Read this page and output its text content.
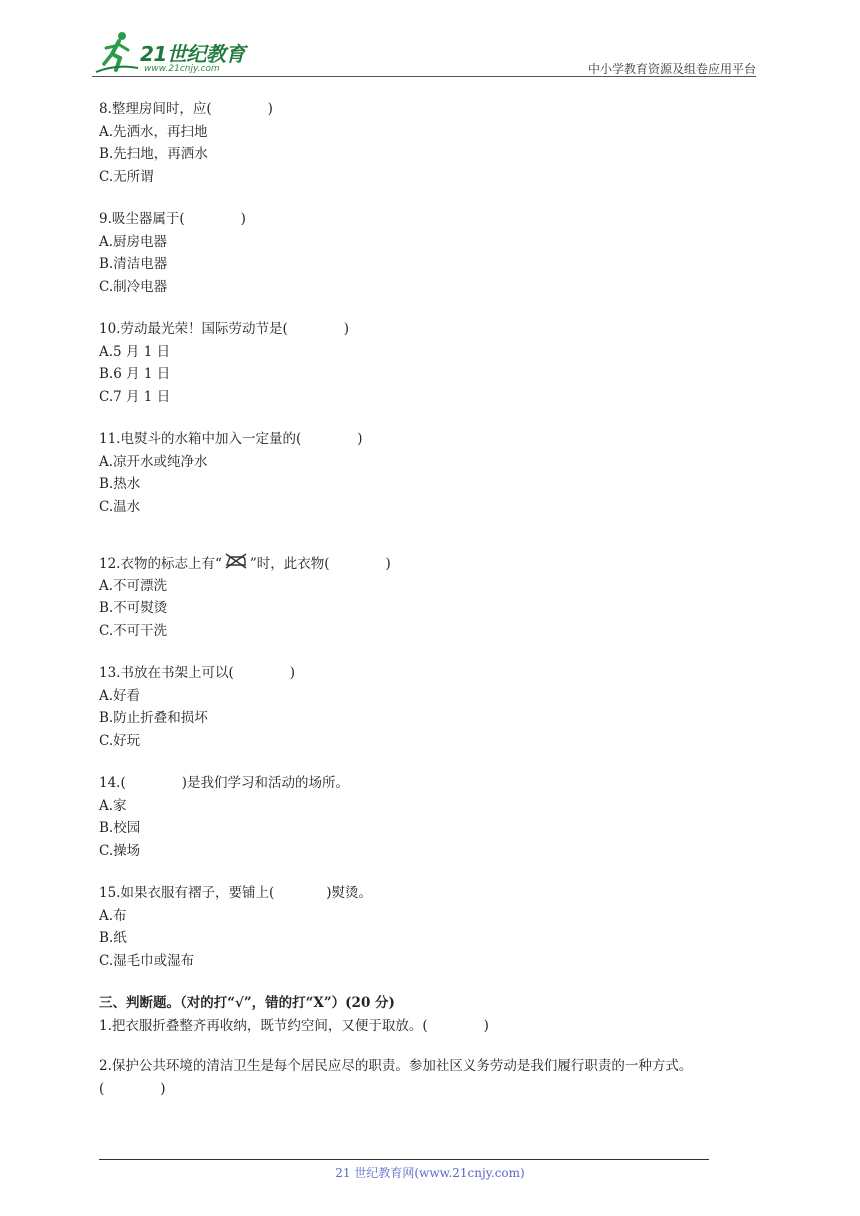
21世纪教育
www.21cnjy.com	中小学教育资源及组卷应用平台
8.整理房间时，应(	)
A.先洒水，再扫地
B.先扫地，再洒水
C.无所谓
9.吸尘器属于(	)
A.厨房电器
B.清洁电器
C.制冷电器
10.劳动最光荣！国际劳动节是(	)
A.5 月 1 日
B.6 月 1 日
C.7 月 1 日
11.电熨斗的水箱中加入一定量的(	)
A.凉开水或纯净水
B.热水
C.温水
12.衣物的标志上有“ ”时，此衣物(	)
A.不可漂洗
B.不可熨烫
C.不可干洗
13.书放在书架上可以(	)
A.好看
B.防止折叠和损坏
C.好玩
14.(	)是我们学习和活动的场所。
A.家
B.校园
C.操场
15.如果衣服有褶子，要铺上(	)熨烫。
A.布
B.纸
C.湿毛巾或湿布
三、判断题。（对的打“√”，错的打“X”）(20 分)
1.把衣服折叠整齐再收纳，既节约空间，又便于取放。(	)
2.保护公共环境的清洁卫生是每个居民应尽的职责。参加社区义务劳动是我们履行职责的一种方式。
(	)
21 世纪教育网(www.21cnjy.com)
